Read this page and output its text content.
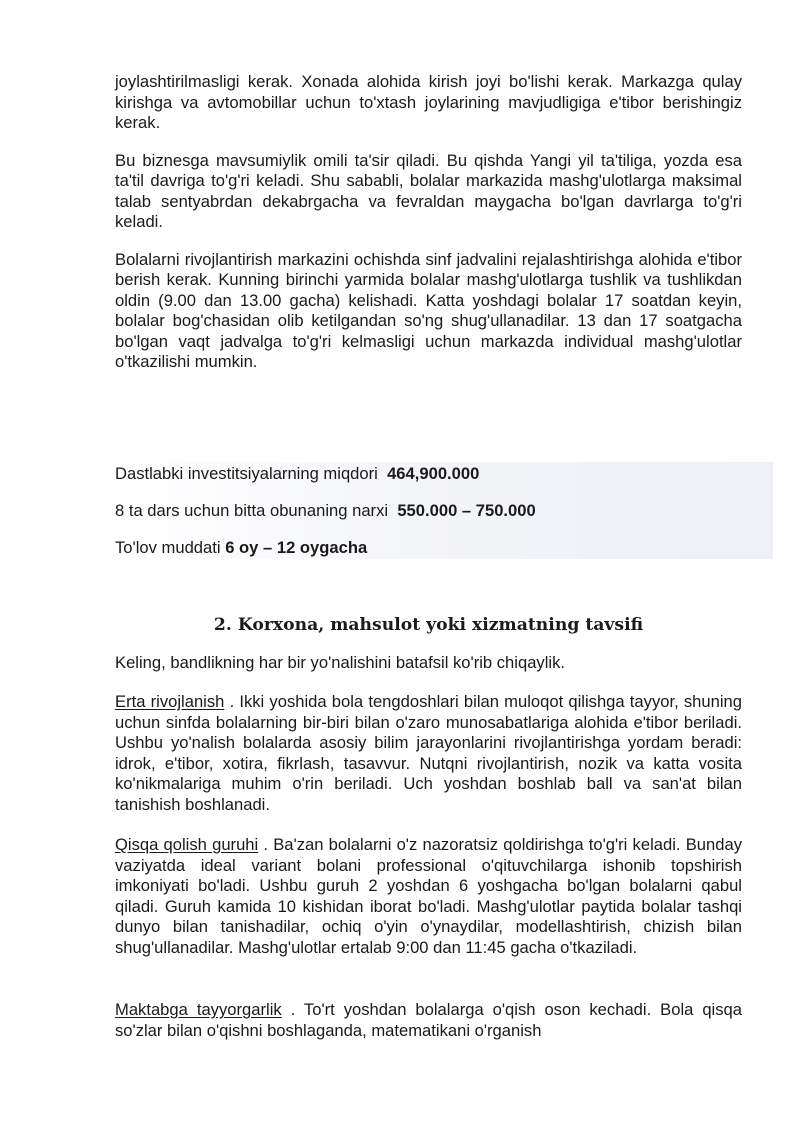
joylashtirilmasligi kerak. Xonada alohida kirish joyi bo'lishi kerak. Markazga qulay kirishga va avtomobillar uchun to'xtash joylarining mavjudligiga e'tibor berishingiz kerak.

Bu biznesga mavsumiylik omili ta'sir qiladi. Bu qishda Yangi yil ta'tiliga, yozda esa ta'til davriga to'g'ri keladi. Shu sababli, bolalar markazida mashg'ulotlarga maksimal talab sentyabrdan dekabrgacha va fevraldan maygacha bo'lgan davrlarga to'g'ri keladi.

Bolalarni rivojlantirish markazini ochishda sinf jadvalini rejalashtirishga alohida e'tibor berish kerak. Kunning birinchi yarmida bolalar mashg'ulotlarga tushlik va tushlikdan oldin (9.00 dan 13.00 gacha) kelishadi. Katta yoshdagi bolalar 17 soatdan keyin, bolalar bog'chasidan olib ketilgandan so'ng shug'ullanadilar. 13 dan 17 soatgacha bo'lgan vaqt jadvalga to'g'ri kelmasligi uchun markazda individual mashg'ulotlar o'tkazilishi mumkin.

Dastlabki investitsiyalarning miqdori 464,900.000
8 ta dars uchun bitta obunaning narxi 550.000 – 750.000
To'lov muddati 6 oy – 12 oygacha
2. Korxona, mahsulot yoki xizmatning tavsifi

Keling, bandlikning har bir yo'nalishini batafsil ko'rib chiqaylik.

Erta rivojlanish . Ikki yoshida bola tengdoshlari bilan muloqot qilishga tayyor, shuning uchun sinfda bolalarning bir-biri bilan o'zaro munosabatlariga alohida e'tibor beriladi. Ushbu yo'nalish bolalarda asosiy bilim jarayonlarini rivojlantirishga yordam beradi: idrok, e'tibor, xotira, fikrlash, tasavvur. Nutqni rivojlantirish, nozik va katta vosita ko'nikmalariga muhim o'rin beriladi. Uch yoshdan boshlab ball va san'at bilan tanishish boshlanadi.

Qisqa qolish guruhi . Ba'zan bolalarni o'z nazoratsiz qoldirishga to'g'ri keladi. Bunday vaziyatda ideal variant bolani professional o'qituvchilarga ishonib topshirish imkoniyati bo'ladi. Ushbu guruh 2 yoshdan 6 yoshgacha bo'lgan bolalarni qabul qiladi. Guruh kamida 10 kishidan iborat bo'ladi. Mashg'ulotlar paytida bolalar tashqi dunyo bilan tanishadilar, ochiq o'yin o'ynaydilar, modellashtirish, chizish bilan shug'ullanadilar. Mashg'ulotlar ertalab 9:00 dan 11:45 gacha o'tkaziladi.

Maktabga tayyorgarlik . To'rt yoshdan bolalarga o'qish oson kechadi. Bola qisqa so'zlar bilan o'qishni boshlaganda, matematikani o'rganish
